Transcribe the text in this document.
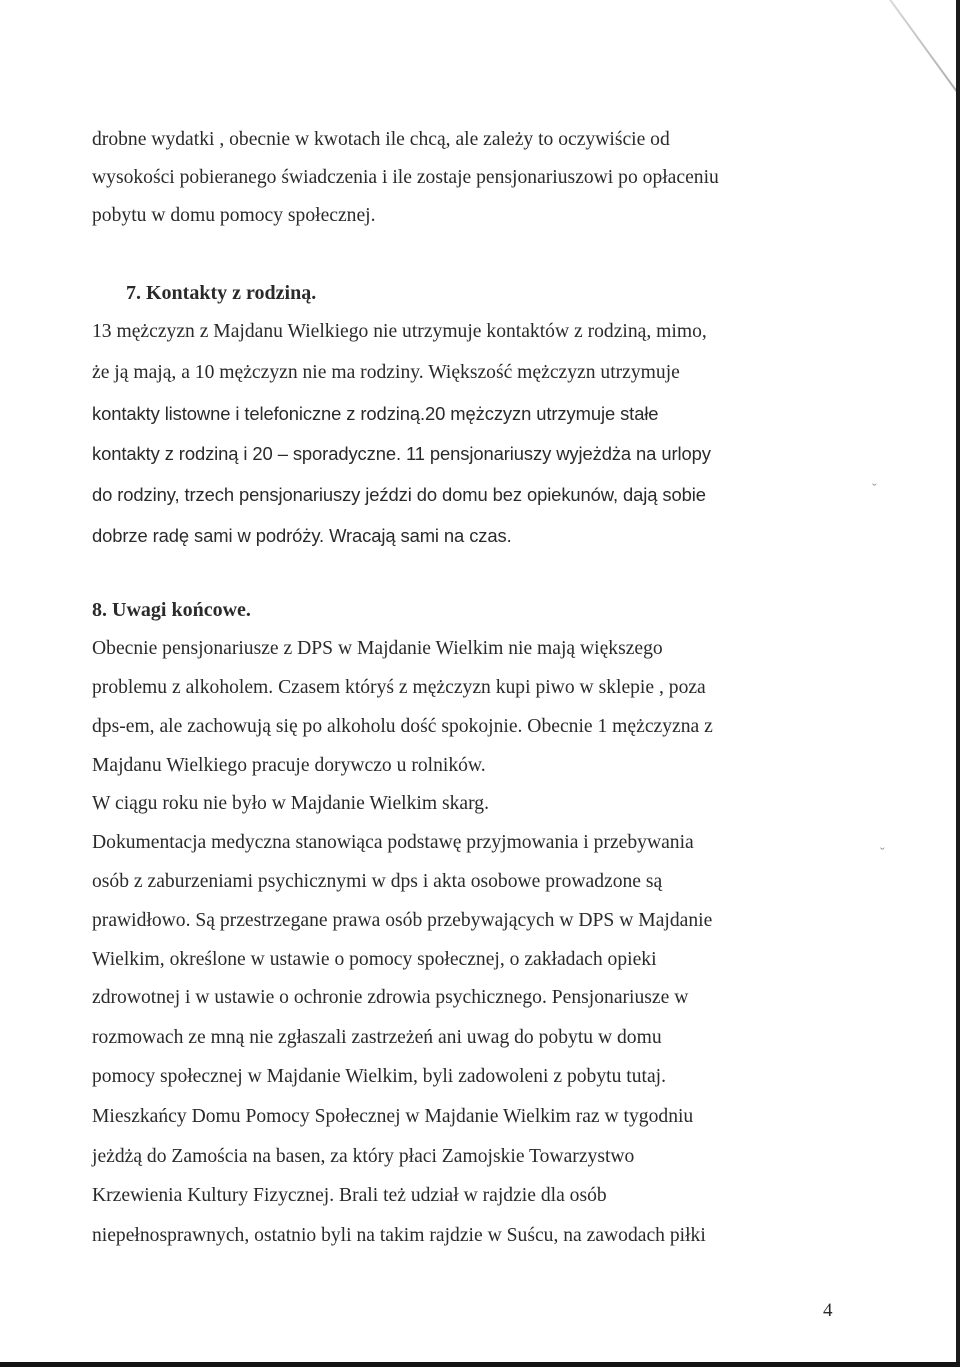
drobne wydatki , obecnie w kwotach ile chcą, ale zależy to oczywiście od
wysokości pobieranego świadczenia i ile zostaje pensjonariuszowi po opłaceniu
pobytu w domu pomocy społecznej.
7. Kontakty z rodziną.
13 mężczyzn z Majdanu Wielkiego nie utrzymuje kontaktów z rodziną, mimo,
że ją mają, a 10 mężczyzn nie ma rodziny. Większość mężczyzn utrzymuje
kontakty listowne i telefoniczne z rodziną.20 mężczyzn utrzymuje stałe
kontakty z rodziną i 20 – sporadyczne. 11 pensjonariuszy wyjeżdża na urlopy
do rodziny, trzech pensjonariuszy jeździ do domu bez opiekunów, dają sobie
dobrze radę sami w podróży. Wracają sami na czas.
8. Uwagi końcowe.
Obecnie pensjonariusze z DPS w Majdanie Wielkim nie mają większego
problemu z alkoholem. Czasem któryś z mężczyzn kupi piwo w sklepie , poza
dps-em, ale zachowują się po alkoholu dość spokojnie. Obecnie 1 mężczyzna z
Majdanu Wielkiego pracuje dorywczo u rolników.
W ciągu roku nie było w Majdanie Wielkim skarg.
Dokumentacja medyczna stanowiąca podstawę przyjmowania i przebywania
osób z zaburzeniami psychicznymi w dps i akta osobowe prowadzone są
prawidłowo. Są przestrzegane prawa osób przebywających w DPS w Majdanie
Wielkim, określone w ustawie o pomocy społecznej, o zakładach opieki
zdrowotnej i w ustawie o ochronie zdrowia psychicznego. Pensjonariusze w
rozmowach ze mną nie zgłaszali zastrzeżeń ani uwag do pobytu w domu
pomocy społecznej w Majdanie Wielkim, byli zadowoleni z pobytu tutaj.
Mieszkańcy Domu Pomocy Społecznej w Majdanie Wielkim raz w tygodniu
jeżdżą do Zamościa na basen, za który płaci Zamojskie Towarzystwo
Krzewienia Kultury Fizycznej. Brali też udział w rajdzie dla osób
niepełnosprawnych, ostatnio byli na takim rajdzie w Suścu, na zawodach piłki
4
ˇ
ˇ
